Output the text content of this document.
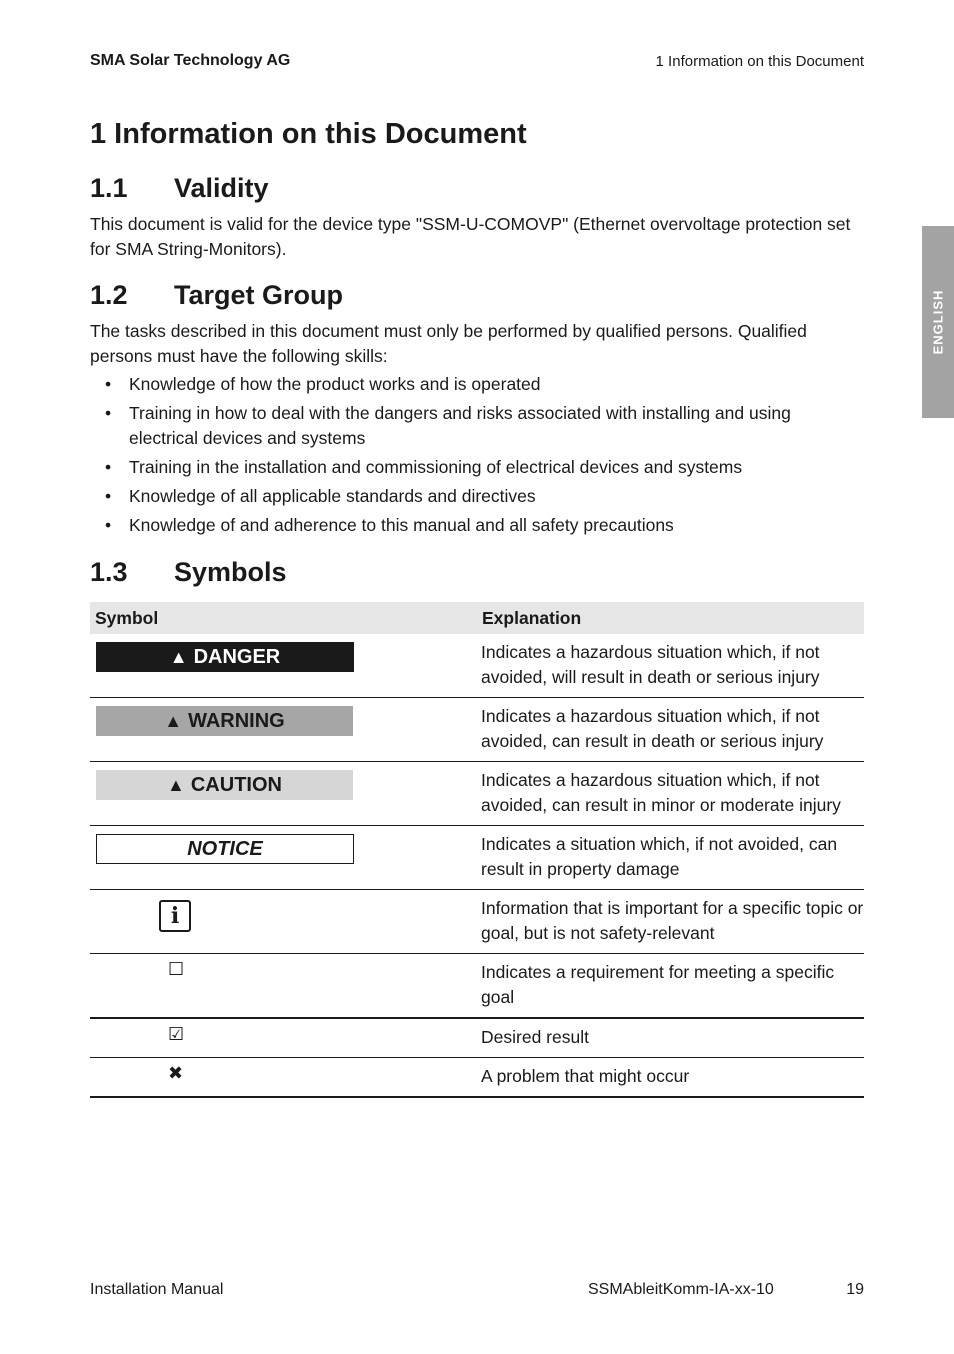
SMA Solar Technology AG	1 Information on this Document
ENGLISH
1 Information on this Document
1.1 Validity
This document is valid for the device type "SSM-U-COMOVP" (Ethernet overvoltage protection set for SMA String-Monitors).
1.2 Target Group
The tasks described in this document must only be performed by qualified persons. Qualified persons must have the following skills:
• Knowledge of how the product works and is operated
• Training in how to deal with the dangers and risks associated with installing and using electrical devices and systems
• Training in the installation and commissioning of electrical devices and systems
• Knowledge of all applicable standards and directives
• Knowledge of and adherence to this manual and all safety precautions
1.3 Symbols
Symbol Explanation	

▲ DANGER	Indicates a hazardous situation which, if not avoided, will result in death or serious injury

▲ WARNING	Indicates a hazardous situation which, if not avoided, can result in death or serious injury

▲ CAUTION	Indicates a hazardous situation which, if not avoided, can result in minor or moderate injury

NOTICE	Indicates a situation which, if not avoided, can result in property damage

i	Information that is important for a specific topic or goal, but is not safety-relevant

☐	Indicates a requirement for meeting a specific goal

☑	Desired result

✖	A problem that might occur
Installation Manual	SSMAbleitKomm-IA-xx-10	19
